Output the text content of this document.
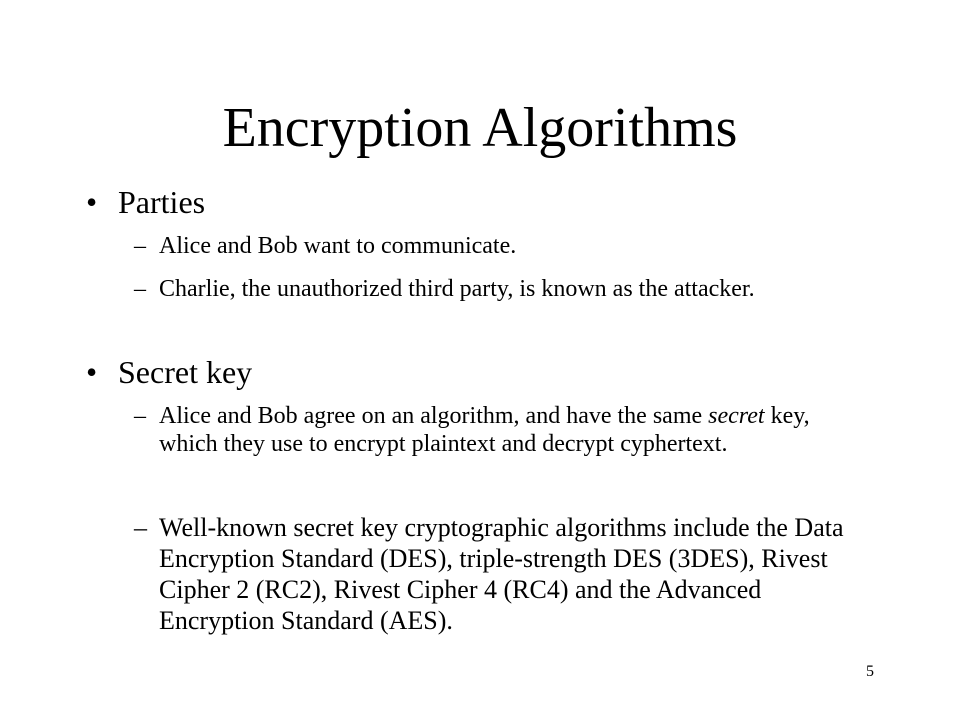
Encryption Algorithms
• Parties
– Alice and Bob want to communicate.
– Charlie, the unauthorized third party, is known as the attacker.
• Secret key
– Alice and Bob agree on an algorithm, and have the same secret key, which they use to encrypt plaintext and decrypt cyphertext.
– Well-known secret key cryptographic algorithms include the Data Encryption Standard (DES), triple-strength DES (3DES), Rivest Cipher 2 (RC2), Rivest Cipher 4 (RC4) and the Advanced Encryption Standard (AES).
5
